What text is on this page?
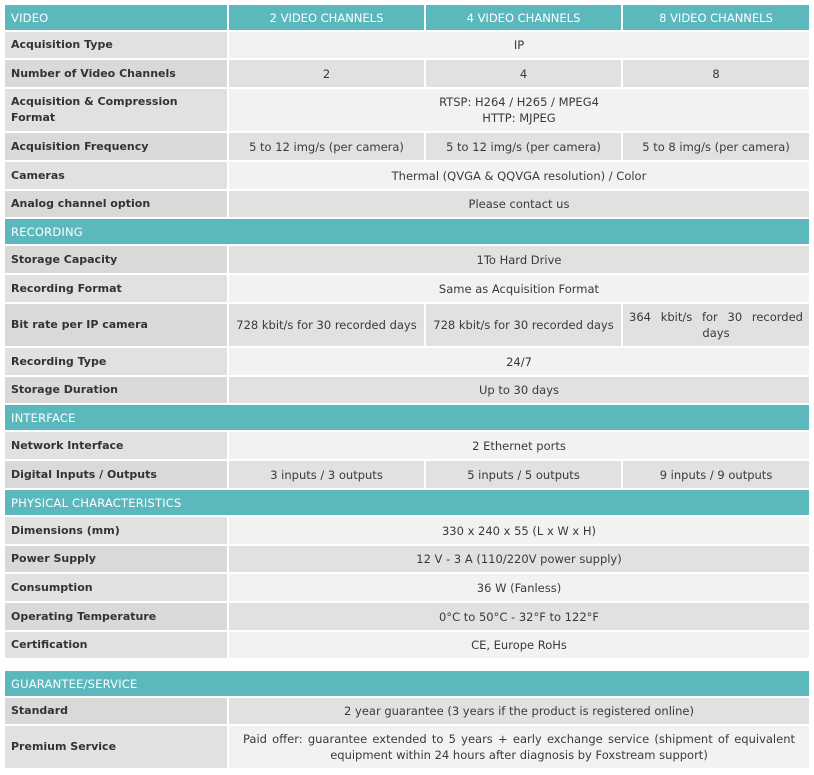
VIDEO	2 VIDEO CHANNELS	4 VIDEO CHANNELS	8 VIDEO CHANNELS
Acquisition Type	IP		
Number of Video Channels	2	4	8
Acquisition & Compression Format	RTSP: H264 / H265 / MPEG4
HTTP: MJPEG		

Acquisition Frequency	5 to 12 img/s (per camera)	5 to 12 img/s (per camera)	5 to 8 img/s (per camera)
Cameras	Thermal (QVGA & QQVGA resolution) / Color		
Analog channel option	Please contact us		
RECORDING			
Storage Capacity	1To Hard Drive		
Recording Format	Same as Acquisition Format		
Bit rate per IP camera	728 kbit/s for 30 recorded days	728 kbit/s for 30 recorded days	364 kbit/s for 30 recorded days
Recording Type	24/7		
Storage Duration	Up to 30 days		
INTERFACE			
Network Interface	2 Ethernet ports		
Digital Inputs / Outputs	3 inputs / 3 outputs	5 inputs / 5 outputs	9 inputs / 9 outputs
PHYSICAL CHARACTERISTICS			
Dimensions (mm)	330 x 240 x 55 (L x W x H)		
Power Supply	12 V - 3 A (110/220V power supply)		
Consumption	36 W (Fanless)		
Operating Temperature	0°C to 50°C - 32°F to 122°F		
Certification	CE, Europe RoHs		
GUARANTEE/SERVICE	
Standard	2 year guarantee (3 years if the product is registered online)
Premium Service	Paid offer: guarantee extended to 5 years + early exchange service (shipment of equivalent equipment within 24 hours after diagnosis by Foxstream support)
